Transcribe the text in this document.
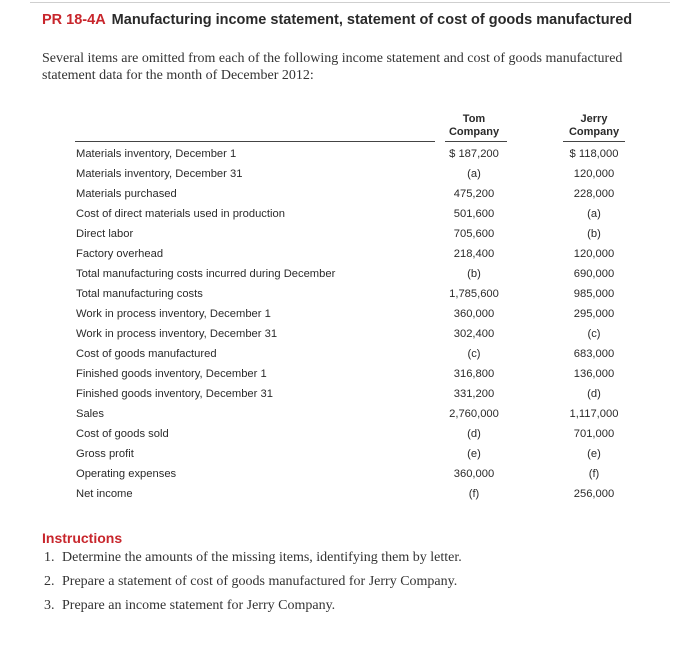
PR 18-4A Manufacturing income statement, statement of cost of goods manufactured
Several items are omitted from each of the following income statement and cost of goods manufactured statement data for the month of December 2012:
Tom
Company
Jerry
Company
Materials inventory, December 1	$ 187,200	$ 118,000
Materials inventory, December 31	(a)	120,000
Materials purchased	475,200	228,000
Cost of direct materials used in production	501,600	(a)
Direct labor	705,600	(b)
Factory overhead	218,400	120,000
Total manufacturing costs incurred during December	(b)	690,000
Total manufacturing costs	1,785,600	985,000
Work in process inventory, December 1	360,000	295,000
Work in process inventory, December 31	302,400	(c)
Cost of goods manufactured	(c)	683,000
Finished goods inventory, December 1	316,800	136,000
Finished goods inventory, December 31	331,200	(d)
Sales	2,760,000	1,117,000
Cost of goods sold	(d)	701,000
Gross profit	(e)	(e)
Operating expenses	360,000	(f)
Net income	(f)	256,000
Instructions
1. Determine the amounts of the missing items, identifying them by letter.
2. Prepare a statement of cost of goods manufactured for Jerry Company.
3. Prepare an income statement for Jerry Company.
